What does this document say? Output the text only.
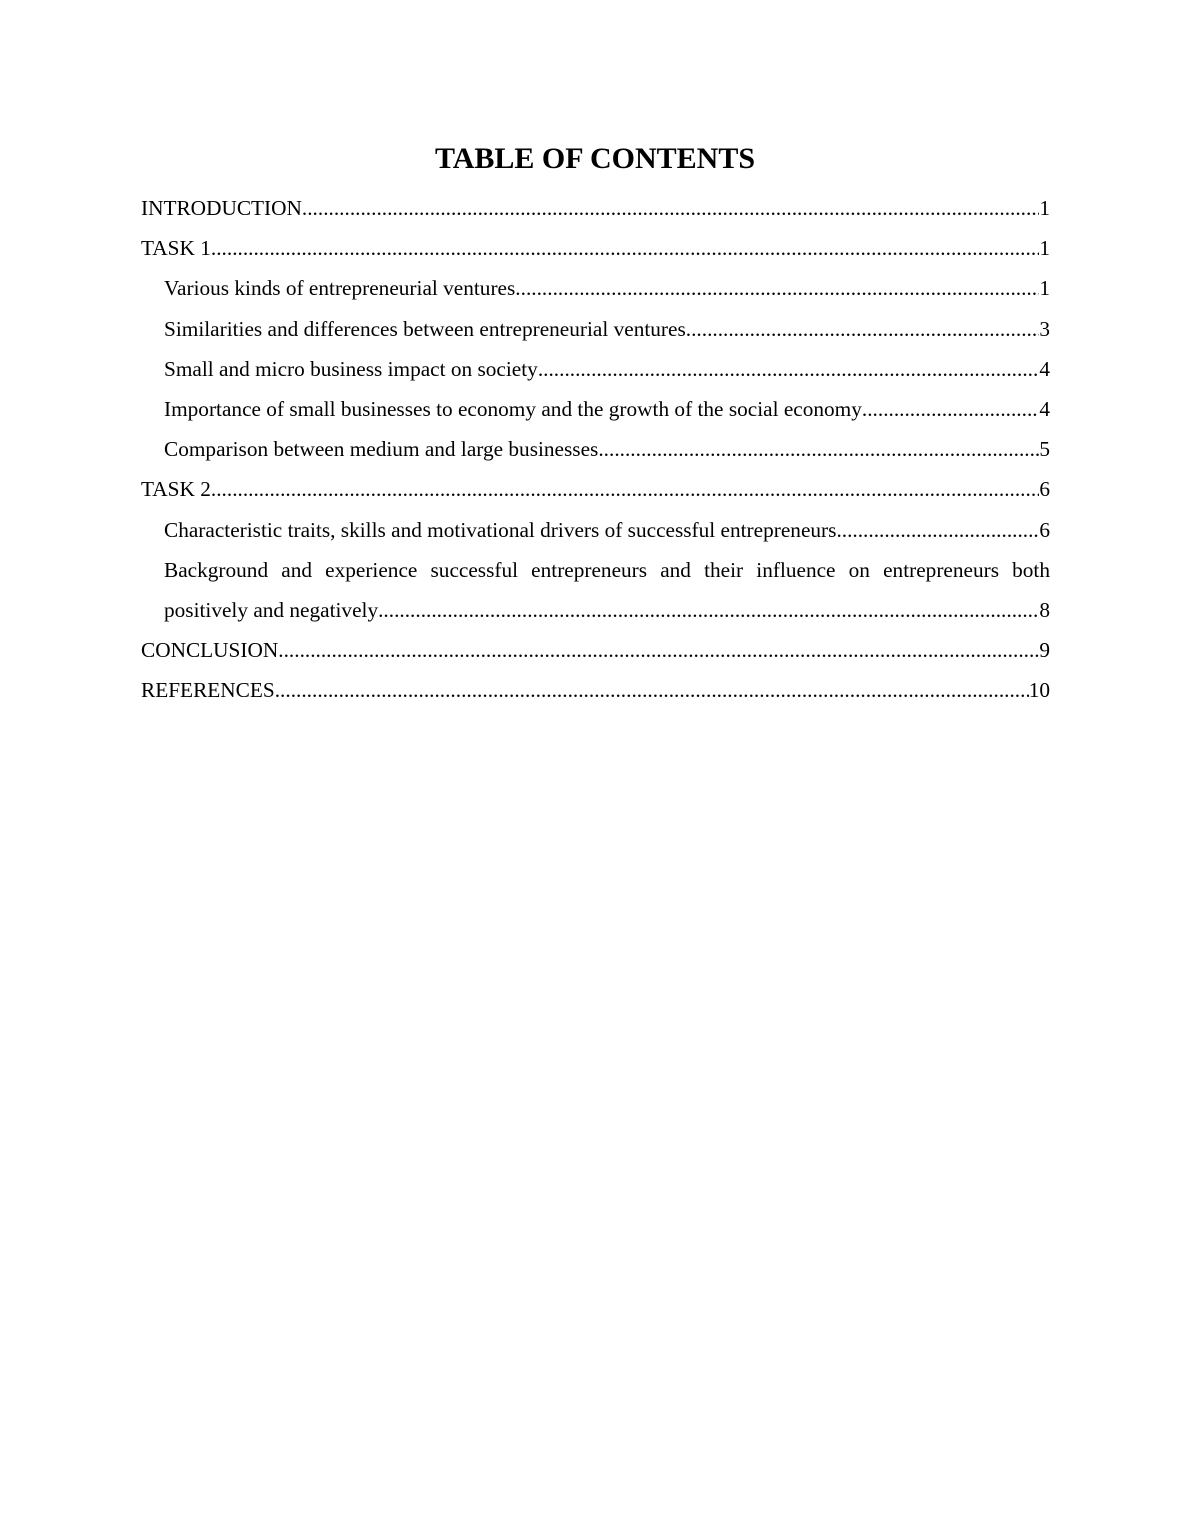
TABLE OF CONTENTS
INTRODUCTION .....	1
TASK 1 .....	1
Various kinds of entrepreneurial ventures .....	1
Similarities and differences between entrepreneurial ventures .....	3
Small and micro business impact on society .....	4
Importance of small businesses to economy and the growth of the social economy .....	4
Comparison between medium and large businesses .....	5
TASK 2 .....	6
Characteristic traits, skills and motivational drivers of successful entrepreneurs .....	6
Background and experience successful entrepreneurs and their influence on entrepreneurs both
positively and negatively .....	8
CONCLUSION .....	9
REFERENCES .....	10
